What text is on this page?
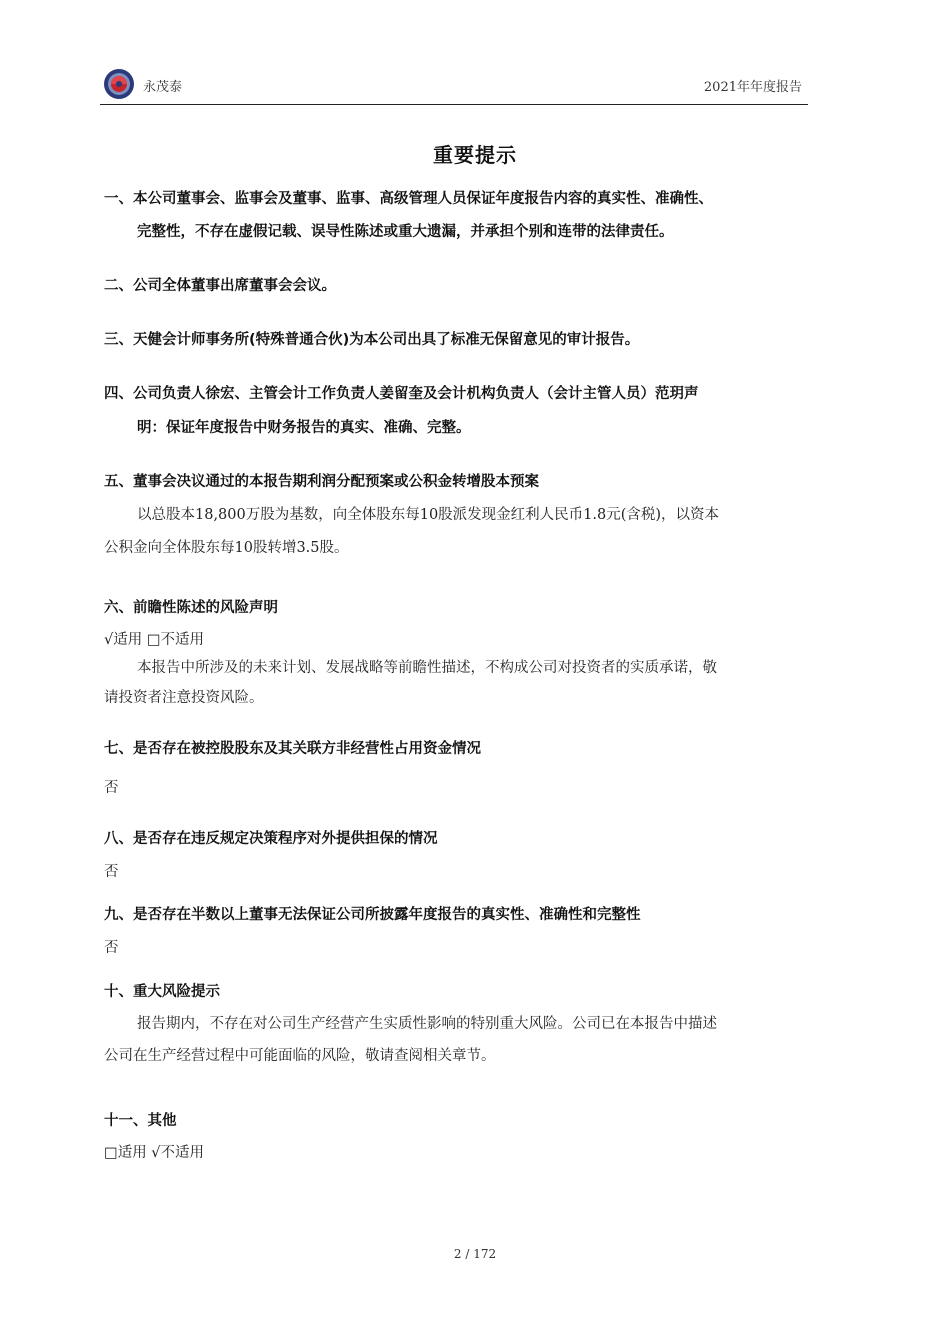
永茂泰	2021年年度报告
重要提示
一、本公司董事会、监事会及董事、监事、高级管理人员保证年度报告内容的真实性、准确性、
完整性，不存在虚假记载、误导性陈述或重大遗漏，并承担个别和连带的法律责任。
二、公司全体董事出席董事会会议。
三、天健会计师事务所(特殊普通合伙)为本公司出具了标准无保留意见的审计报告。
四、公司负责人徐宏、主管会计工作负责人姜留奎及会计机构负责人（会计主管人员）范玥声
明：保证年度报告中财务报告的真实、准确、完整。
五、董事会决议通过的本报告期利润分配预案或公积金转增股本预案
以总股本18,800万股为基数，向全体股东每10股派发现金红利人民币1.8元(含税)，以资本
公积金向全体股东每10股转增3.5股。
六、前瞻性陈述的风险声明
√适用 □不适用
本报告中所涉及的未来计划、发展战略等前瞻性描述，不构成公司对投资者的实质承诺，敬
请投资者注意投资风险。
七、是否存在被控股股东及其关联方非经营性占用资金情况
否
八、是否存在违反规定决策程序对外提供担保的情况
否
九、是否存在半数以上董事无法保证公司所披露年度报告的真实性、准确性和完整性
否
十、重大风险提示
报告期内，不存在对公司生产经营产生实质性影响的特别重大风险。公司已在本报告中描述
公司在生产经营过程中可能面临的风险，敬请查阅相关章节。
十一、其他
□适用 √不适用
2 / 172
